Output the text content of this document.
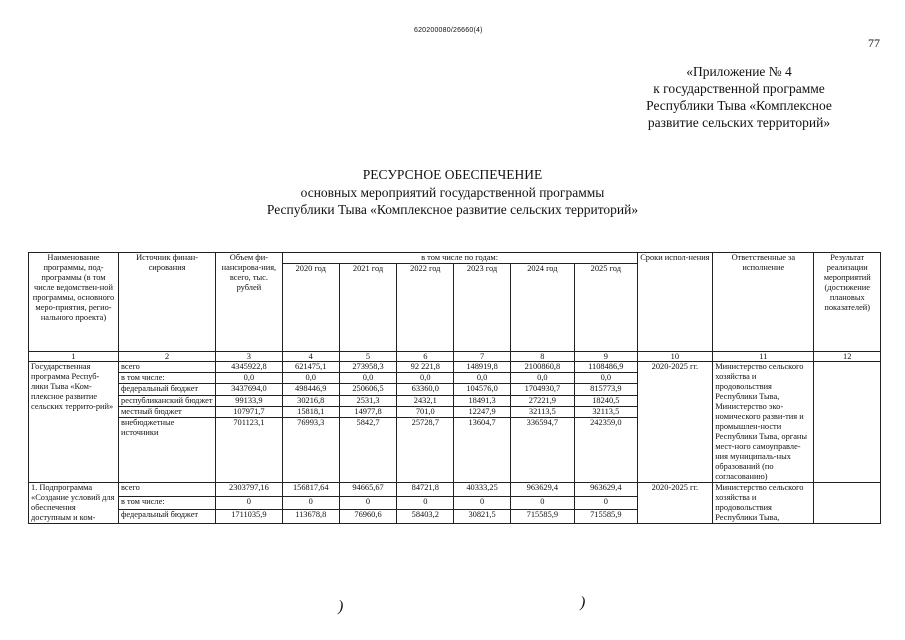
620200080/26660(4)
77
«Приложение № 4
к государственной программе
Республики Тыва «Комплексное
развитие сельских территорий»
РЕСУРСНОЕ ОБЕСПЕЧЕНИЕ
основных мероприятий государственной программы
Республики Тыва «Комплексное развитие сельских территорий»
Наименование программы, под-программы (в том числе ведомствен-ной программы, основного меро-приятия, регио-нального проекта)	Источник финан-сирования	Объем фи-нансирова-ния, всего, тыс. рублей	в том числе по годам:						Сроки испол-нения	Ответственные за исполнение	Результат реализации мероприятий (достижение плановых показателей)
			2020 год	2021 год	2022 год	2023 год	2024 год	2025 год			
1	2	3	4	5	6	7	8	9	10	11	12
Государственная программа Респуб-лики Тыва «Ком-плексное развитие сельских террито-рий»	всего	4345922,8	621475,1	273958,3	92 221,8	148919,8	2100860,8	1108486,9	2020-2025 гг.	Министерство сельского хозяйства и продовольствия Республики Тыва, Министерство эко-номического разви-тия и промышлен-ности Республики Тыва, органы мест-ного самоуправле-ния муниципаль-ных образований (по согласованию)	
	в том числе:	0,0	0,0	0,0	0,0	0,0	0,0	0,0			
	федеральный бюджет	3437694,0	498446,9	250606,5	63360,0	104576,0	1704930,7	815773,9			
	республиканский бюджет	99133,9	30216,8	2531,3	2432,1	18491,3	27221,9	18240,5			
	местный бюджет	107971,7	15818,1	14977,8	701,0	12247,9	32113,5	32113,5			
	внебюджетные источники	701123,1	76993,3	5842,7	25728,7	13604,7	336594,7	242359,0			
1. Подпрограмма «Создание условий для обеспечения доступным и ком-	всего	2303797,16	156817,64	94665,67	84721,8	40333,25	963629,4	963629,4	2020-2025 гг.	Министерство сельского хозяйства и продовольствия Республики Тыва,	
	в том числе:	0	0	0	0	0	0	0			
	федеральный бюджет	1711035,9	113678,8	76960,6	58403,2	30821,5	715585,9	715585,9			
)	)
